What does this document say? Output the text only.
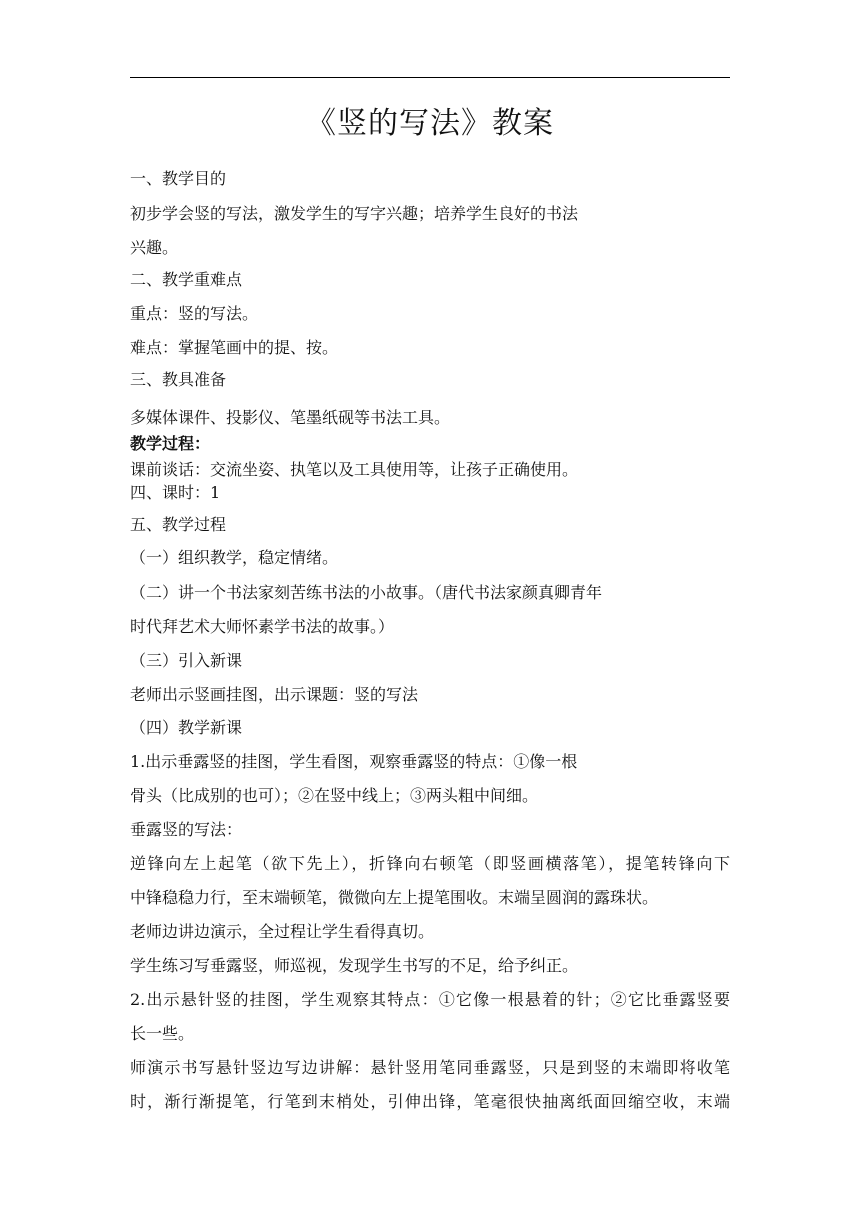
《竖的写法》教案
一、教学目的
初步学会竖的写法，激发学生的写字兴趣；培养学生良好的书法
兴趣。
二、教学重难点
重点：竖的写法。
难点：掌握笔画中的提、按。
三、教具准备
多媒体课件、投影仪、笔墨纸砚等书法工具。
教学过程：
课前谈话：交流坐姿、执笔以及工具使用等，让孩子正确使用。
四、课时：1
五、教学过程
（一）组织教学，稳定情绪。
（二）讲一个书法家刻苦练书法的小故事。（唐代书法家颜真卿青年
时代拜艺术大师怀素学书法的故事。）
（三）引入新课
老师出示竖画挂图，出示课题：竖的写法
（四）教学新课
1.出示垂露竖的挂图，学生看图，观察垂露竖的特点：①像一根
骨头（比成别的也可）；②在竖中线上；③两头粗中间细。
垂露竖的写法：
逆锋向左上起笔（欲下先上），折锋向右顿笔（即竖画横落笔），提笔转锋向下
中锋稳稳力行，至末端顿笔，微微向左上提笔围收。末端呈圆润的露珠状。
老师边讲边演示，全过程让学生看得真切。
学生练习写垂露竖，师巡视，发现学生书写的不足，给予纠正。
2.出示悬针竖的挂图，学生观察其特点：①它像一根悬着的针；②它比垂露竖要
长一些。
师演示书写悬针竖边写边讲解：悬针竖用笔同垂露竖，只是到竖的末端即将收笔
时，渐行渐提笔，行笔到末梢处，引伸出锋，笔毫很快抽离纸面回缩空收，末端
